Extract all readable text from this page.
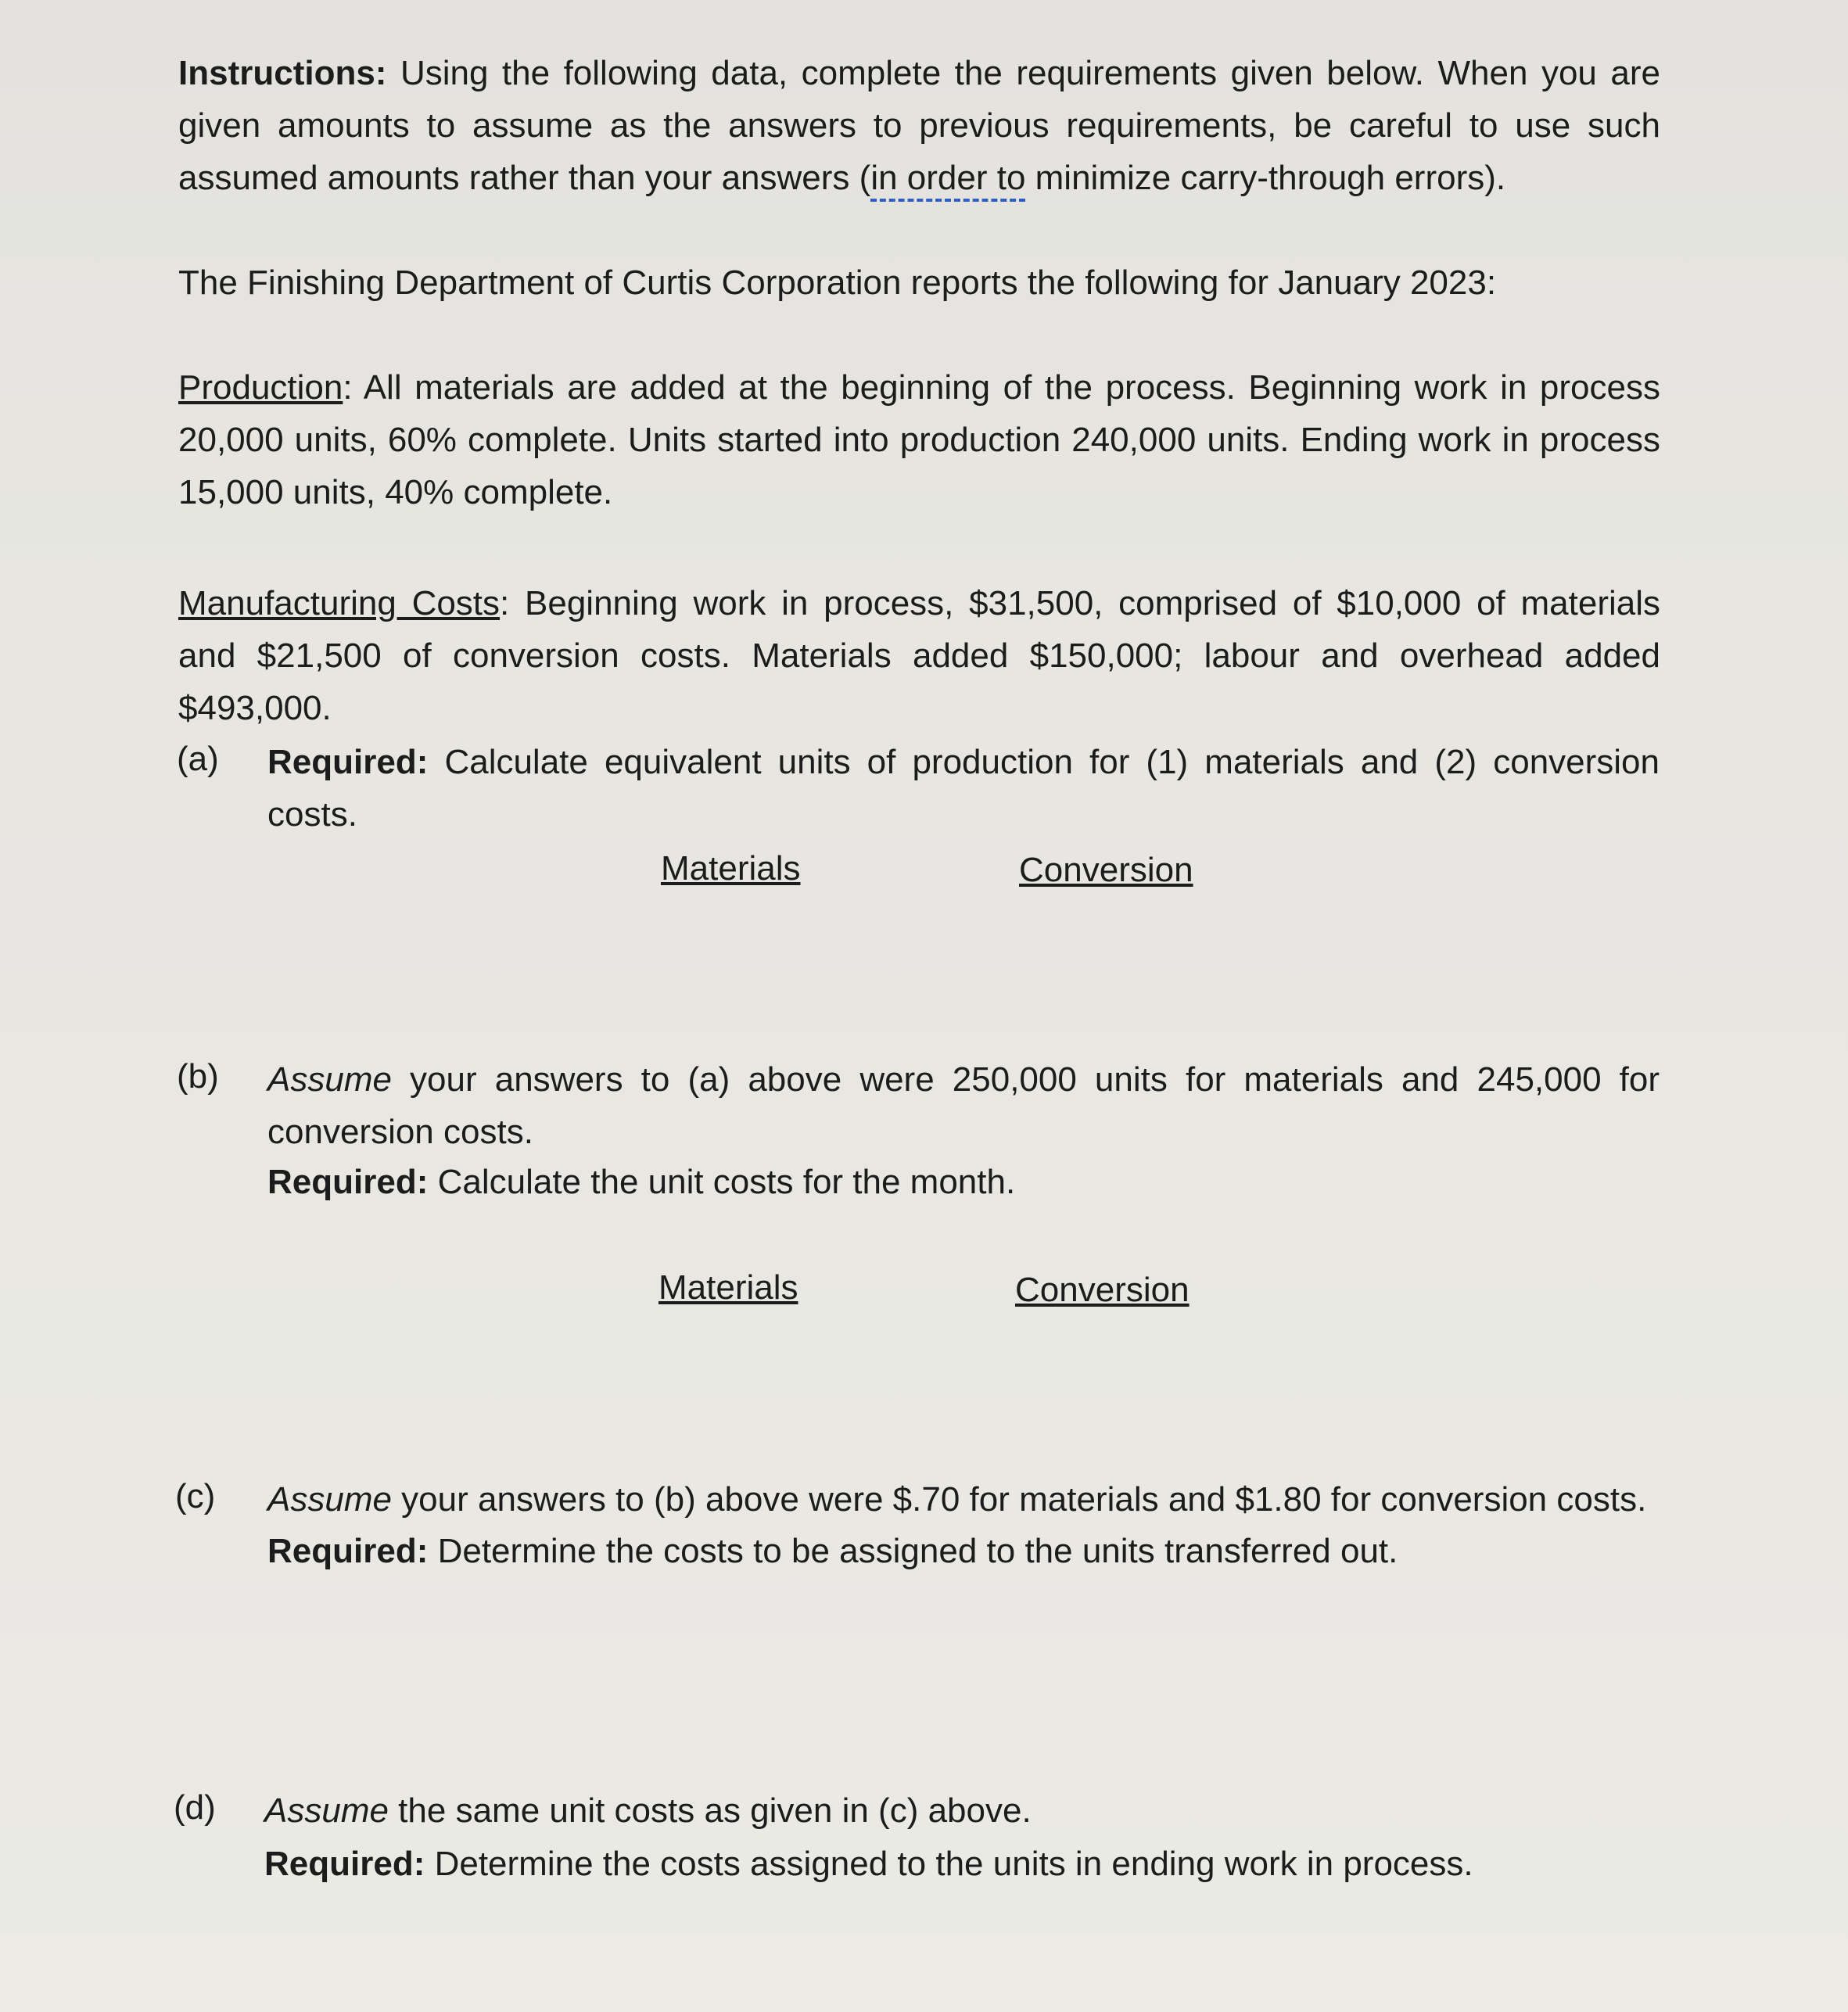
Instructions: Using the following data, complete the requirements given below. When you are given amounts to assume as the answers to previous requirements, be careful to use such assumed amounts rather than your answers (in order to minimize carry-through errors).
The Finishing Department of Curtis Corporation reports the following for January 2023:
Production: All materials are added at the beginning of the process. Beginning work in process 20,000 units, 60% complete. Units started into production 240,000 units. Ending work in process 15,000 units, 40% complete.
Manufacturing Costs: Beginning work in process, $31,500, comprised of $10,000 of materials and $21,500 of conversion costs. Materials added $150,000; labour and overhead added $493,000.
(a) Required: Calculate equivalent units of production for (1) materials and (2) conversion costs.
Materials	Conversion
(b) Assume your answers to (a) above were 250,000 units for materials and 245,000 for conversion costs.
Required: Calculate the unit costs for the month.
Materials	Conversion
(c) Assume your answers to (b) above were $.70 for materials and $1.80 for conversion costs.
Required: Determine the costs to be assigned to the units transferred out.
(d) Assume the same unit costs as given in (c) above.
Required: Determine the costs assigned to the units in ending work in process.
